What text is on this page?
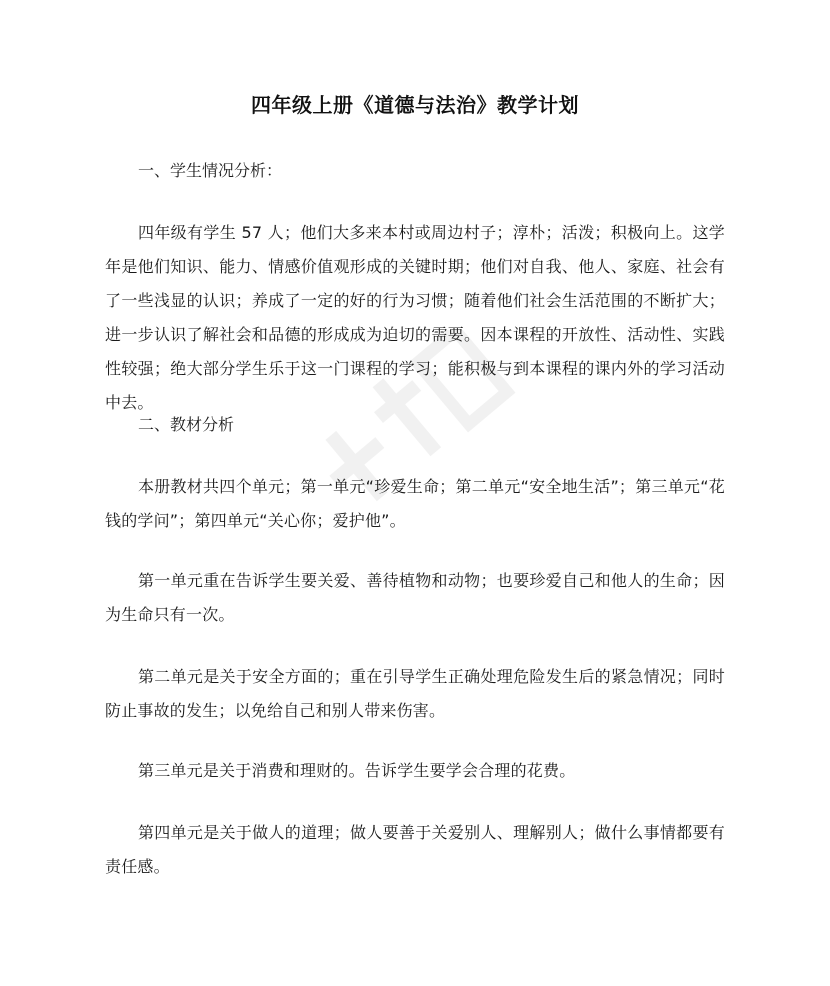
四年级上册《道德与法治》教学计划
一、学生情况分析：
四年级有学生 57 人；他们大多来本村或周边村子；淳朴；活泼；积极向上。这学年是他们知识、能力、情感价值观形成的关键时期；他们对自我、他人、家庭、社会有了一些浅显的认识；养成了一定的好的行为习惯；随着他们社会生活范围的不断扩大；进一步认识了解社会和品德的形成成为迫切的需要。因本课程的开放性、活动性、实践性较强；绝大部分学生乐于这一门课程的学习；能积极与到本课程的课内外的学习活动中去。
二、教材分析
本册教材共四个单元；第一单元“珍爱生命；第二单元“安全地生活”；第三单元“花钱的学问”；第四单元“关心你；爱护他”。
第一单元重在告诉学生要关爱、善待植物和动物；也要珍爱自己和他人的生命；因为生命只有一次。
第二单元是关于安全方面的；重在引导学生正确处理危险发生后的紧急情况；同时防止事故的发生；以免给自己和别人带来伤害。
第三单元是关于消费和理财的。告诉学生要学会合理的花费。
第四单元是关于做人的道理；做人要善于关爱别人、理解别人；做什么事情都要有责任感。
